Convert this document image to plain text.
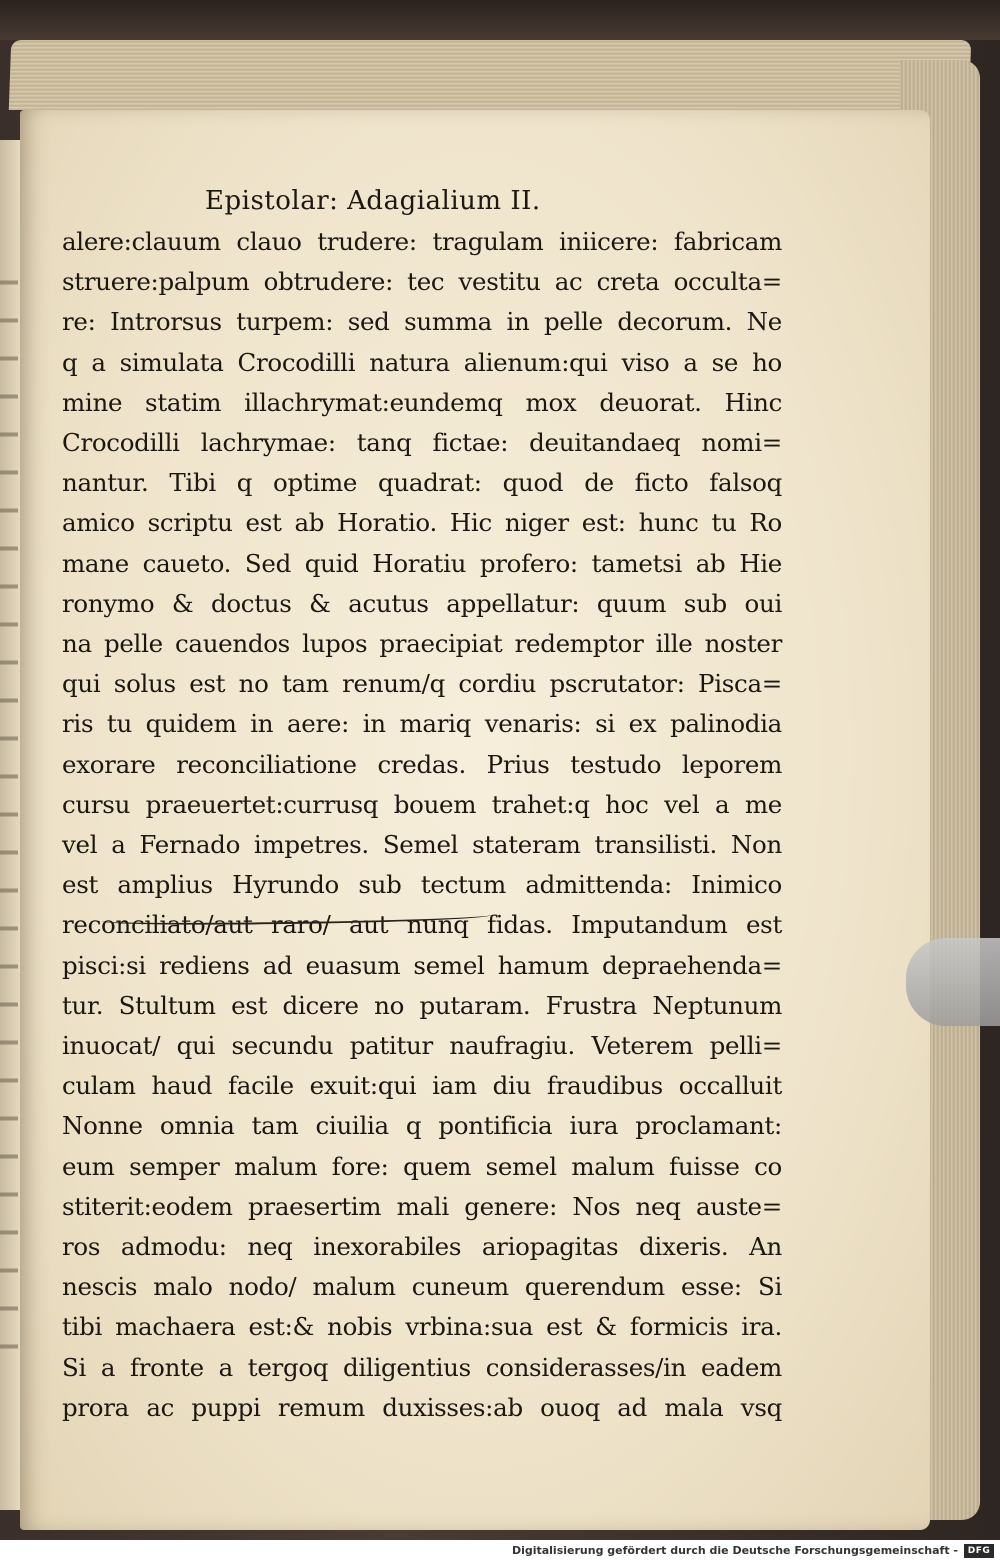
Epistolar: Adagialium II.
alere:clauum clauo trudere: tragulam iniicere: fabricam
struere:palpum obtrudere: tec vestitu ac creta occulta=
re: Introrsus turpem: sed summa in pelle decorum. Ne
q a simulata Crocodilli natura alienum:qui viso a se ho
mine statim illachrymat:eundemq mox deuorat. Hinc
Crocodilli lachrymae: tanq fictae: deuitandaeq nomi=
nantur. Tibi q optime quadrat: quod de ficto falsoq
amico scriptu est ab Horatio. Hic niger est: hunc tu Ro
mane caueto. Sed quid Horatiu profero: tametsi ab Hie
ronymo & doctus & acutus appellatur: quum sub oui
na pelle cauendos lupos praecipiat redemptor ille noster
qui solus est no tam renum/q cordiu pscrutator: Pisca=
ris tu quidem in aere: in mariq venaris: si ex palinodia
exorare reconciliatione credas. Prius testudo leporem
cursu praeuertet:currusq bouem trahet:q hoc vel a me
vel a Fernado impetres. Semel stateram transilisti. Non
est amplius Hyrundo sub tectum admittenda: Inimico
reconciliato/aut raro/ aut nunq fidas. Imputandum est
pisci:si rediens ad euasum semel hamum depraehenda=
tur. Stultum est dicere no putaram. Frustra Neptunum
inuocat/ qui secundu patitur naufragiu. Veterem pelli=
culam haud facile exuit:qui iam diu fraudibus occalluit
Nonne omnia tam ciuilia q pontificia iura proclamant:
eum semper malum fore: quem semel malum fuisse co
stiterit:eodem praesertim mali genere: Nos neq auste=
ros admodu: neq inexorabiles ariopagitas dixeris. An
nescis malo nodo/ malum cuneum querendum esse: Si
tibi machaera est:& nobis vrbina:sua est & formicis ira.
Si a fronte a tergoq diligentius considerasses/in eadem
prora ac puppi remum duxisses:ab ouoq ad mala vsq
Digitalisierung gefördert durch die Deutsche Forschungsgemeinschaft -	DFG
